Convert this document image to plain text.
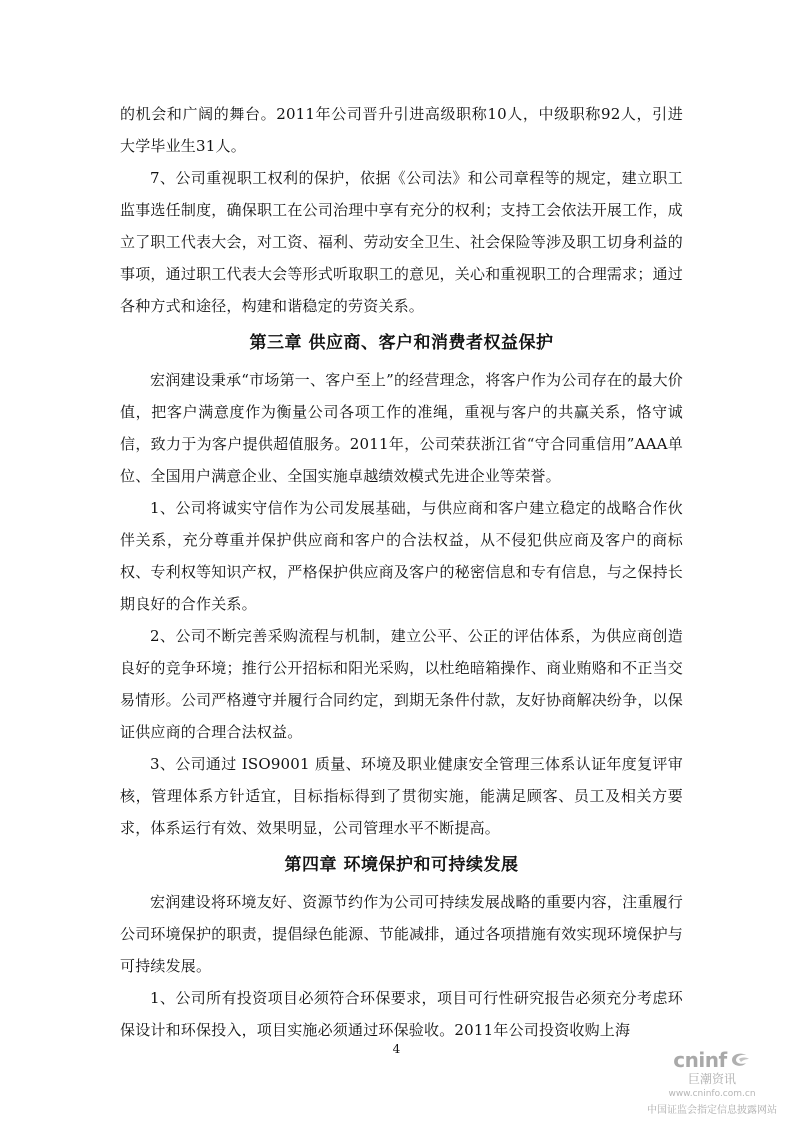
的机会和广阔的舞台。2011年公司晋升引进高级职称10人，中级职称92人，引进大学毕业生31人。

7、公司重视职工权利的保护，依据《公司法》和公司章程等的规定，建立职工监事选任制度，确保职工在公司治理中享有充分的权利；支持工会依法开展工作，成立了职工代表大会，对工资、福利、劳动安全卫生、社会保险等涉及职工切身利益的事项，通过职工代表大会等形式听取职工的意见，关心和重视职工的合理需求；通过各种方式和途径，构建和谐稳定的劳资关系。

第三章 供应商、客户和消费者权益保护

宏润建设秉承“市场第一、客户至上”的经营理念，将客户作为公司存在的最大价值，把客户满意度作为衡量公司各项工作的准绳，重视与客户的共赢关系，恪守诚信，致力于为客户提供超值服务。2011年，公司荣获浙江省“守合同重信用”AAA单位、全国用户满意企业、全国实施卓越绩效模式先进企业等荣誉。

1、公司将诚实守信作为公司发展基础，与供应商和客户建立稳定的战略合作伙伴关系，充分尊重并保护供应商和客户的合法权益，从不侵犯供应商及客户的商标权、专利权等知识产权，严格保护供应商及客户的秘密信息和专有信息，与之保持长期良好的合作关系。

2、公司不断完善采购流程与机制，建立公平、公正的评估体系，为供应商创造良好的竞争环境；推行公开招标和阳光采购，以杜绝暗箱操作、商业贿赂和不正当交易情形。公司严格遵守并履行合同约定，到期无条件付款，友好协商解决纷争，以保证供应商的合理合法权益。

3、公司通过 ISO9001 质量、环境及职业健康安全管理三体系认证年度复评审核，管理体系方针适宜，目标指标得到了贯彻实施，能满足顾客、员工及相关方要求，体系运行有效、效果明显，公司管理水平不断提高。

第四章 环境保护和可持续发展

宏润建设将环境友好、资源节约作为公司可持续发展战略的重要内容，注重履行公司环境保护的职责，提倡绿色能源、节能减排，通过各项措施有效实现环境保护与可持续发展。

1、公司所有投资项目必须符合环保要求，项目可行性研究报告必须充分考虑环保设计和环保投入，项目实施必须通过环保验收。2011年公司投资收购上海

4	cninf
巨潮资讯
www.cninfo.com.cn
中国证监会指定信息披露网站
